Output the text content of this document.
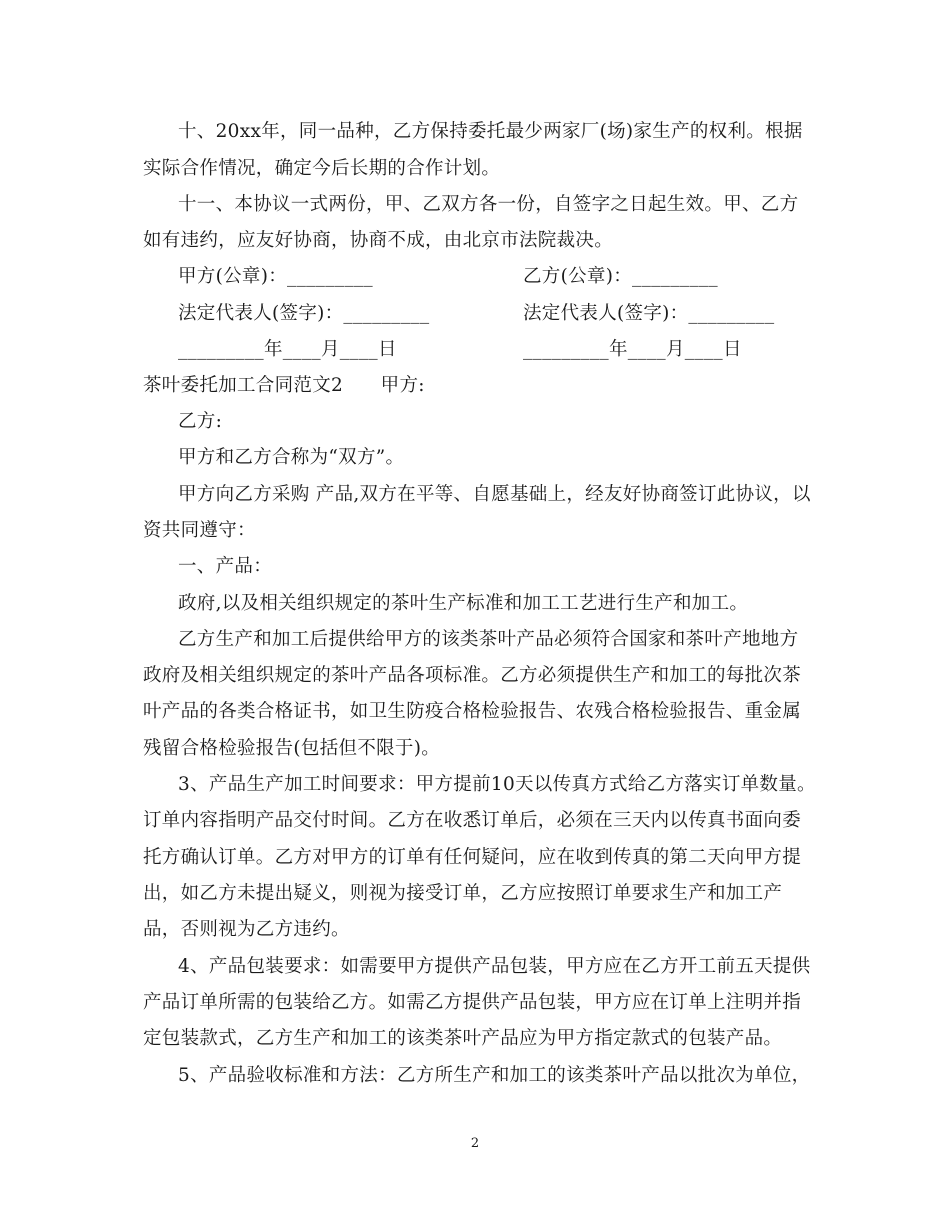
十、20xx年，同一品种，乙方保持委托最少两家厂(场)家生产的权利。根据
实际合作情况，确定今后长期的合作计划。
十一、本协议一式两份，甲、乙双方各一份，自签字之日起生效。甲、乙方
如有违约，应友好协商，协商不成，由北京市法院裁决。
甲方(公章)：_________	乙方(公章)：_________
法定代表人(签字)：_________	法定代表人(签字)：_________
_________年____月____日	_________年____月____日
茶叶委托加工合同范文2　　甲方:
乙方:
甲方和乙方合称为“双方”。
甲方向乙方采购 产品,双方在平等、自愿基础上，经友好协商签订此协议，以
资共同遵守：
一、产品：
政府,以及相关组织规定的茶叶生产标准和加工工艺进行生产和加工。
乙方生产和加工后提供给甲方的该类茶叶产品必须符合国家和茶叶产地地方
政府及相关组织规定的茶叶产品各项标准。乙方必须提供生产和加工的每批次茶
叶产品的各类合格证书，如卫生防疫合格检验报告、农残合格检验报告、重金属
残留合格检验报告(包括但不限于)。
3、产品生产加工时间要求：甲方提前10天以传真方式给乙方落实订单数量。
订单内容指明产品交付时间。乙方在收悉订单后，必须在三天内以传真书面向委
托方确认订单。乙方对甲方的订单有任何疑问，应在收到传真的第二天向甲方提
出，如乙方未提出疑义，则视为接受订单，乙方应按照订单要求生产和加工产
品，否则视为乙方违约。
4、产品包装要求：如需要甲方提供产品包装，甲方应在乙方开工前五天提供
产品订单所需的包装给乙方。如需乙方提供产品包装，甲方应在订单上注明并指
定包装款式，乙方生产和加工的该类茶叶产品应为甲方指定款式的包装产品。
5、产品验收标准和方法：乙方所生产和加工的该类茶叶产品以批次为单位，
2
